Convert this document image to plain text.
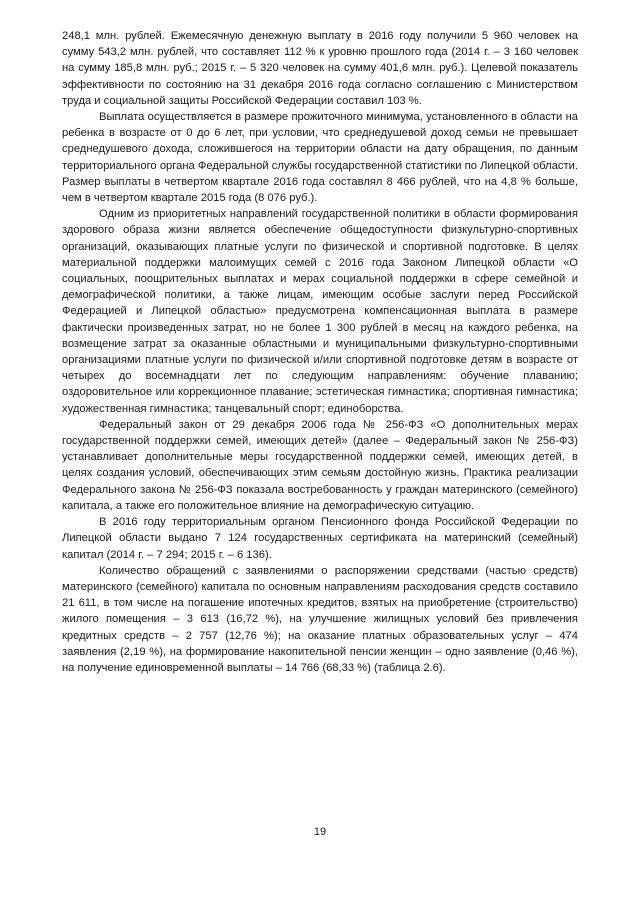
248,1 млн. рублей. Ежемесячную денежную выплату в 2016 году получили 5 960 человек на сумму 543,2 млн. рублей, что составляет 112 % к уровню прошлого года (2014 г. – 3 160 человек на сумму 185,8 млн. руб.; 2015 г. – 5 320 человек на сумму 401,6 млн. руб.). Целевой показатель эффективности по состоянию на 31 декабря 2016 года согласно соглашению с Министерством труда и социальной защиты Российской Федерации составил 103 %.

Выплата осуществляется в размере прожиточного минимума, установленного в области на ребенка в возрасте от 0 до 6 лет, при условии, что среднедушевой доход семьи не превышает среднедушевого дохода, сложившегося на территории области на дату обращения, по данным территориального органа Федеральной службы государственной статистики по Липецкой области. Размер выплаты в четвертом квартале 2016 года составлял 8 466 рублей, что на 4,8 % больше, чем в четвертом квартале 2015 года (8 076 руб.).

Одним из приоритетных направлений государственной политики в области формирования здорового образа жизни является обеспечение общедоступности физкультурно-спортивных организаций, оказывающих платные услуги по физической и спортивной подготовке. В целях материальной поддержки малоимущих семей с 2016 года Законом Липецкой области «О социальных, поощрительных выплатах и мерах социальной поддержки в сфере семейной и демографической политики, а также лицам, имеющим особые заслуги перед Российской Федерацией и Липецкой областью» предусмотрена компенсационная выплата в размере фактически произведенных затрат, но не более 1 300 рублей в месяц на каждого ребенка, на возмещение затрат за оказанные областными и муниципальными физкультурно-спортивными организациями платные услуги по физической и/или спортивной подготовке детям в возрасте от четырех до восемнадцати лет по следующим направлениям: обучение плаванию; оздоровительное или коррекционное плавание; эстетическая гимнастика; спортивная гимнастика; художественная гимнастика; танцевальный спорт; единоборства.

Федеральный закон от 29 декабря 2006 года № 256-ФЗ «О дополнительных мерах государственной поддержки семей, имеющих детей» (далее – Федеральный закон № 256-ФЗ) устанавливает дополнительные меры государственной поддержки семей, имеющих детей, в целях создания условий, обеспечивающих этим семьям достойную жизнь. Практика реализации Федерального закона № 256-ФЗ показала востребованность у граждан материнского (семейного) капитала, а также его положительное влияние на демографическую ситуацию.

В 2016 году территориальным органом Пенсионного фонда Российской Федерации по Липецкой области выдано 7 124 государственных сертификата на материнский (семейный) капитал (2014 г. – 7 294; 2015 г. – 6 136).

Количество обращений с заявлениями о распоряжении средствами (частью средств) материнского (семейного) капитала по основным направлениям расходования средств составило 21 611, в том числе на погашение ипотечных кредитов, взятых на приобретение (строительство) жилого помещения – 3 613 (16,72 %), на улучшение жилищных условий без привлечения кредитных средств – 2 757 (12,76 %); на оказание платных образовательных услуг – 474 заявления (2,19 %), на формирование накопительной пенсии женщин – одно заявление (0,46 %), на получение единовременной выплаты – 14 766 (68,33 %) (таблица 2.6).

19
